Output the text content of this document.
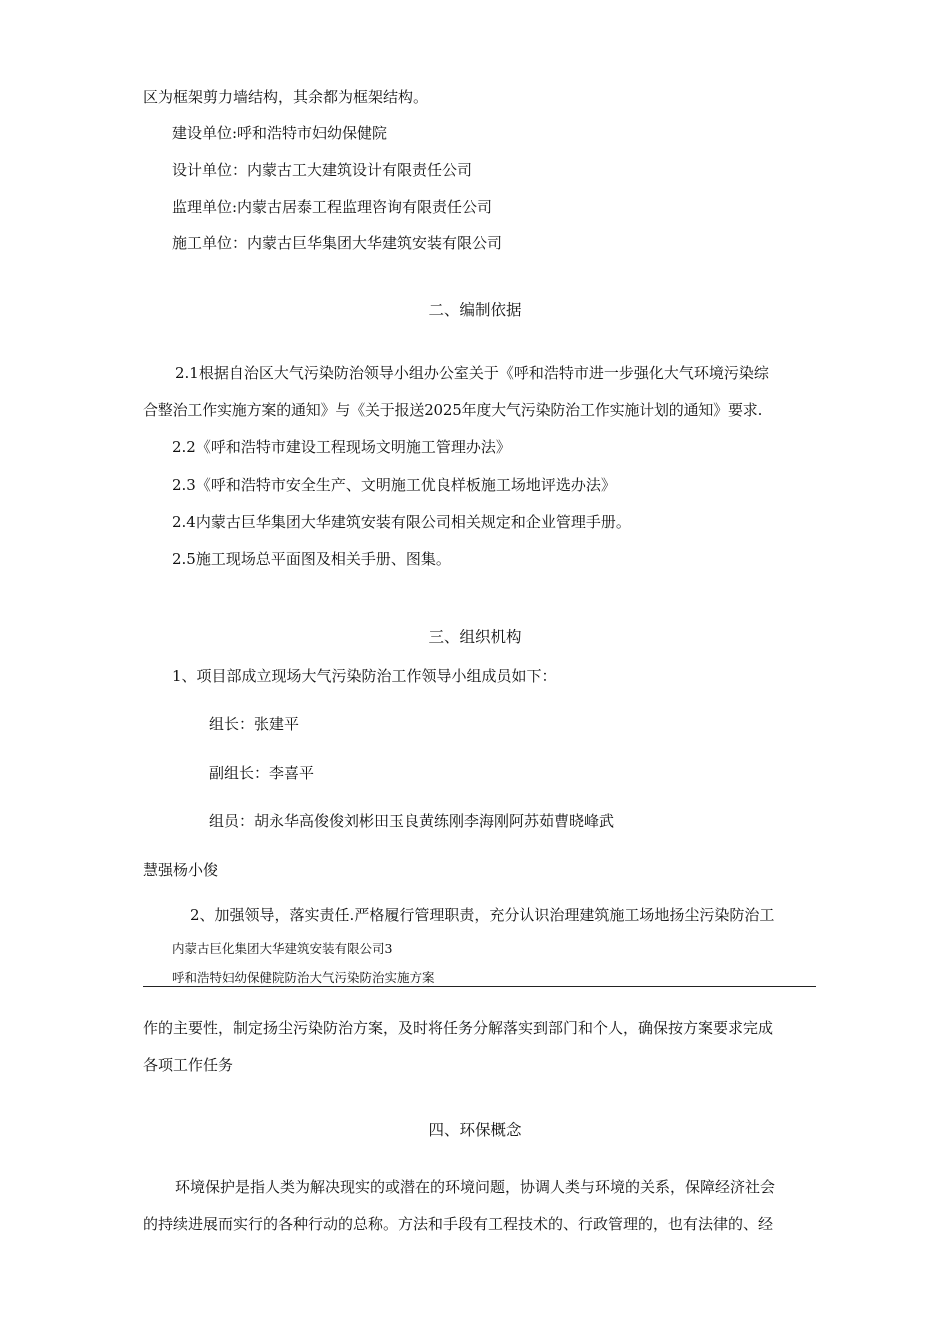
区为框架剪力墙结构，其余都为框架结构。
建设单位:呼和浩特市妇幼保健院
设计单位：内蒙古工大建筑设计有限责任公司
监理单位:内蒙古居泰工程监理咨询有限责任公司
施工单位：内蒙古巨华集团大华建筑安装有限公司
二、编制依据
2.1根据自治区大气污染防治领导小组办公室关于《呼和浩特市进一步强化大气环境污染综
合整治工作实施方案的通知》与《关于报送2025年度大气污染防治工作实施计划的通知》要求.
2.2《呼和浩特市建设工程现场文明施工管理办法》
2.3《呼和浩特市安全生产、文明施工优良样板施工场地评选办法》
2.4内蒙古巨华集团大华建筑安装有限公司相关规定和企业管理手册。
2.5施工现场总平面图及相关手册、图集。
三、组织机构
1、项目部成立现场大气污染防治工作领导小组成员如下：
组长：张建平
副组长：李喜平
组员：胡永华高俊俊刘彬田玉良黄练刚李海刚阿苏茹曹晓峰武
慧强杨小俊
2、加强领导，落实责任.严格履行管理职责，充分认识治理建筑施工场地扬尘污染防治工
内蒙古巨化集团大华建筑安装有限公司3
呼和浩特妇幼保健院防治大气污染防治实施方案
作的主要性，制定扬尘污染防治方案，及时将任务分解落实到部门和个人，确保按方案要求完成
各项工作任务
四、环保概念
环境保护是指人类为解决现实的或潜在的环境问题，协调人类与环境的关系，保障经济社会
的持续进展而实行的各种行动的总称。方法和手段有工程技术的、行政管理的，也有法律的、经
